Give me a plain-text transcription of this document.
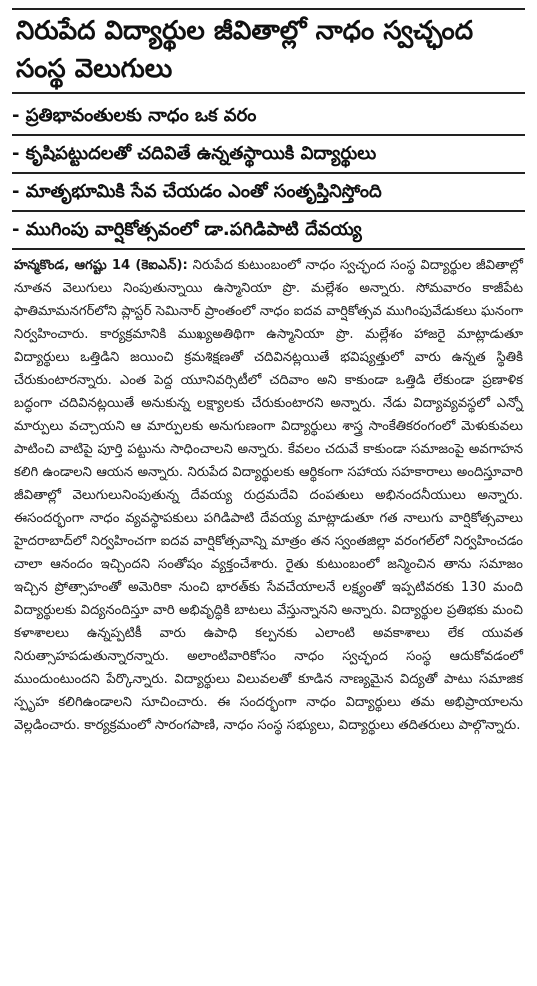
నిరుపేద విద్యార్థుల జీవితాల్లో నాధం స్వచ్ఛంద సంస్థ వెలుగులు
- ప్రతిభావంతులకు నాధం ఒక వరం
- కృషిపట్టుదలతో చదివితే ఉన్నతస్థాయికి విద్యార్థులు
- మాతృభూమికి సేవ చేయడం ఎంతో సంతృప్తినిస్తోంది
- ముగింపు వార్షికోత్సవంలో డా.పగిడిపాటి దేవయ్య

హన్మకొండ, ఆగష్టు 14 (కెఐఎన్): నిరుపేద కుటుంబంలో నాధం స్వచ్ఛంద సంస్థ విద్యార్థుల జీవితాల్లో నూతన వెలుగులు నింపుతున్నాయి ఉస్మానియా ప్రొ. మల్లేశం అన్నారు. సోమవారం కాజీపేట ఫాతిమామనగర్‌లోని ప్లాస్టర్ సెమినార్ ప్రాంతంలో నాధం ఐదవ వార్షికోత్సవ ముగింపువేడుకలు ఘనంగా నిర్వహించారు. కార్యక్రమానికి ముఖ్యఅతిథిగా ఉస్మానియా ప్రొ. మల్లేశం హాజరై మాట్లాడుతూ విద్యార్థులు ఒత్తిడిని జయించి క్రమశిక్షణతో చదివినట్లయితే భవిష్యత్తులో వారు ఉన్నత స్థితికి చేరుకుంటారన్నారు. ఎంత పెద్ద యూనివర్సిటీలో చదివాం అని కాకుండా ఒత్తిడి లేకుండా ప్రణాళిక బద్ధంగా చదివినట్లయితే అనుకున్న లక్ష్యాలకు చేరుకుంటారని అన్నారు. నేడు విద్యావ్యవస్థలో ఎన్నో మార్పులు వచ్చాయని ఆ మార్పులకు అనుగుణంగా విద్యార్థులు శాస్త్ర సాంకేతికరంగంలో మెళుకువలు పాటించి వాటిపై పూర్తి పట్టును సాధించాలని అన్నారు. కేవలం చదువే కాకుండా సమాజంపై అవగాహన కలిగి ఉండాలని ఆయన అన్నారు. నిరుపేద విద్యార్థులకు ఆర్థికంగా సహాయ సహకారాలు అందిస్తూవారి జీవితాల్లో వెలుగులునింపుతున్న దేవయ్య రుద్రమదేవి దంపతులు అభినందనీయులు అన్నారు. ఈసందర్భంగా నాధం వ్యవస్థాపకులు పగిడిపాటి దేవయ్య మాట్లాడుతూ గత నాలుగు వార్షికోత్సవాలు హైదరాబాద్‌లో నిర్వహించగా ఐదవ వార్షికోత్సవాన్ని మాత్రం తన స్వంతజిల్లా వరంగల్‌లో నిర్వహించడం చాలా ఆనందం ఇచ్చిందని సంతోషం వ్యక్తంచేశారు. రైతు కుటుంబంలో జన్మించిన తాను సమాజం ఇచ్చిన ప్రోత్సాహంతో అమెరికా నుంచి భారత్‌కు సేవచేయాలనే లక్ష్యంతో ఇప్పటివరకు 130 మంది విద్యార్థులకు విద్యనందిస్తూ వారి అభివృద్ధికి బాటలు వేస్తున్నానని అన్నారు. విద్యార్థుల ప్రతిభకు మంచి కళాశాలలు ఉన్నప్పటికీ వారు ఉపాధి కల్పనకు ఎలాంటి అవకాశాలు లేక యువత నిరుత్సాహపడుతున్నారన్నారు. అలాంటివారికోసం నాధం స్వచ్ఛంద సంస్థ ఆదుకోవడంలో ముందుంటుందని పేర్కొన్నారు. విద్యార్థులు విలువలతో కూడిన నాణ్యమైన విద్యతో పాటు సమాజిక స్పృహ కలిగిఉండాలని సూచించారు. ఈ సందర్భంగా నాధం విద్యార్థులు తమ అభిప్రాయాలను వెల్లడించారు. కార్యక్రమంలో సారంగపాణి, నాధం సంస్థ సభ్యులు, విద్యార్థులు తదితరులు పాల్గొన్నారు.
